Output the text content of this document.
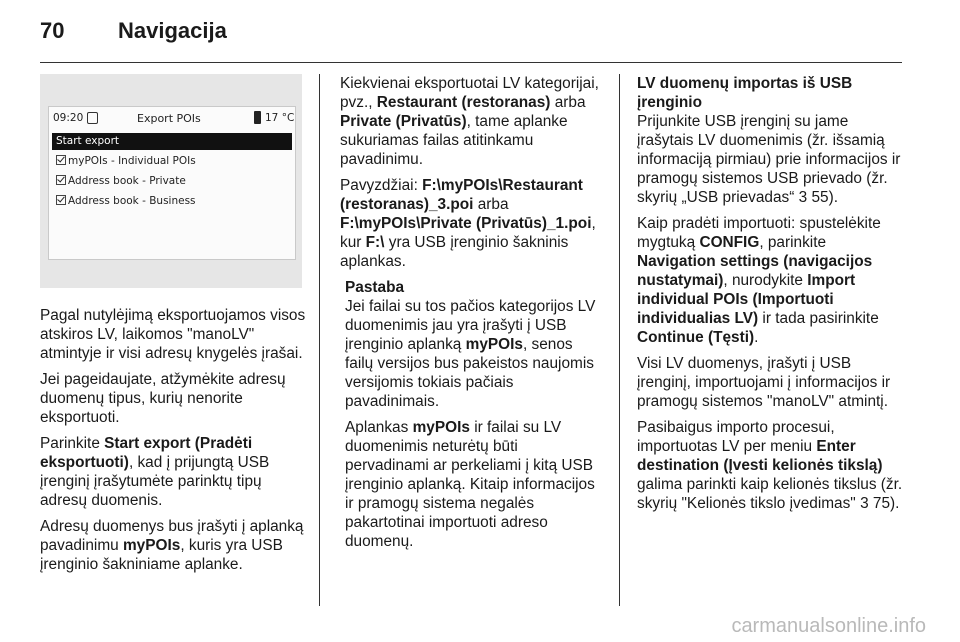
70 Navigacija
09:20	Export POIs	17 °C
Start export
myPOIs - Individual POIs
Address book - Private
Address book - Business

Pagal nutylėjimą eksportuojamos visos atskiros LV, laikomos "manoLV" atmintyje ir visi adresų knygelės įrašai.

Jei pageidaujate, atžymėkite adresų duomenų tipus, kurių nenorite eksportuoti.

Parinkite Start export (Pradėti eksportuoti), kad į prijungtą USB įrenginį įrašytumėte parinktų tipų adresų duomenis.

Adresų duomenys bus įrašyti į aplanką pavadinimu myPOIs, kuris yra USB įrenginio šakniniame aplanke.

Kiekvienai eksportuotai LV kategorijai, pvz., Restaurant (restoranas) arba Private (Privatūs), tame aplanke sukuriamas failas atitinkamu pavadinimu.

Pavyzdžiai: F:\myPOIs\Restaurant (restoranas)_3.poi arba F:\myPOIs\Private (Privatūs)_1.poi, kur F:\ yra USB įrenginio šakninis aplankas.

Pastaba

Jei failai su tos pačios kategorijos LV duomenimis jau yra įrašyti į USB įrenginio aplanką myPOIs, senos failų versijos bus pakeistos naujomis versijomis tokiais pačiais pavadinimais.

Aplankas myPOIs ir failai su LV duomenimis neturėtų būti pervadinami ar perkeliami į kitą USB įrenginio aplanką. Kitaip informacijos ir pramogų sistema negalės pakartotinai importuoti adreso duomenų.

LV duomenų importas iš USB įrenginio

Prijunkite USB įrenginį su jame įrašytais LV duomenimis (žr. išsamią informaciją pirmiau) prie informacijos ir pramogų sistemos USB prievado (žr. skyrių „USB prievadas“ 3 55).

Kaip pradėti importuoti: spustelėkite mygtuką CONFIG, parinkite Navigation settings (navigacijos nustatymai), nurodykite Import individual POIs (Importuoti individualias LV) ir tada pasirinkite Continue (Tęsti).

Visi LV duomenys, įrašyti į USB įrenginį, importuojami į informacijos ir pramogų sistemos "manoLV" atmintį.

Pasibaigus importo procesui, importuotas LV per meniu Enter destination (Įvesti kelionės tikslą) galima parinkti kaip kelionės tikslus (žr. skyrių "Kelionės tikslo įvedimas" 3 75).

carmanualsonline.info
